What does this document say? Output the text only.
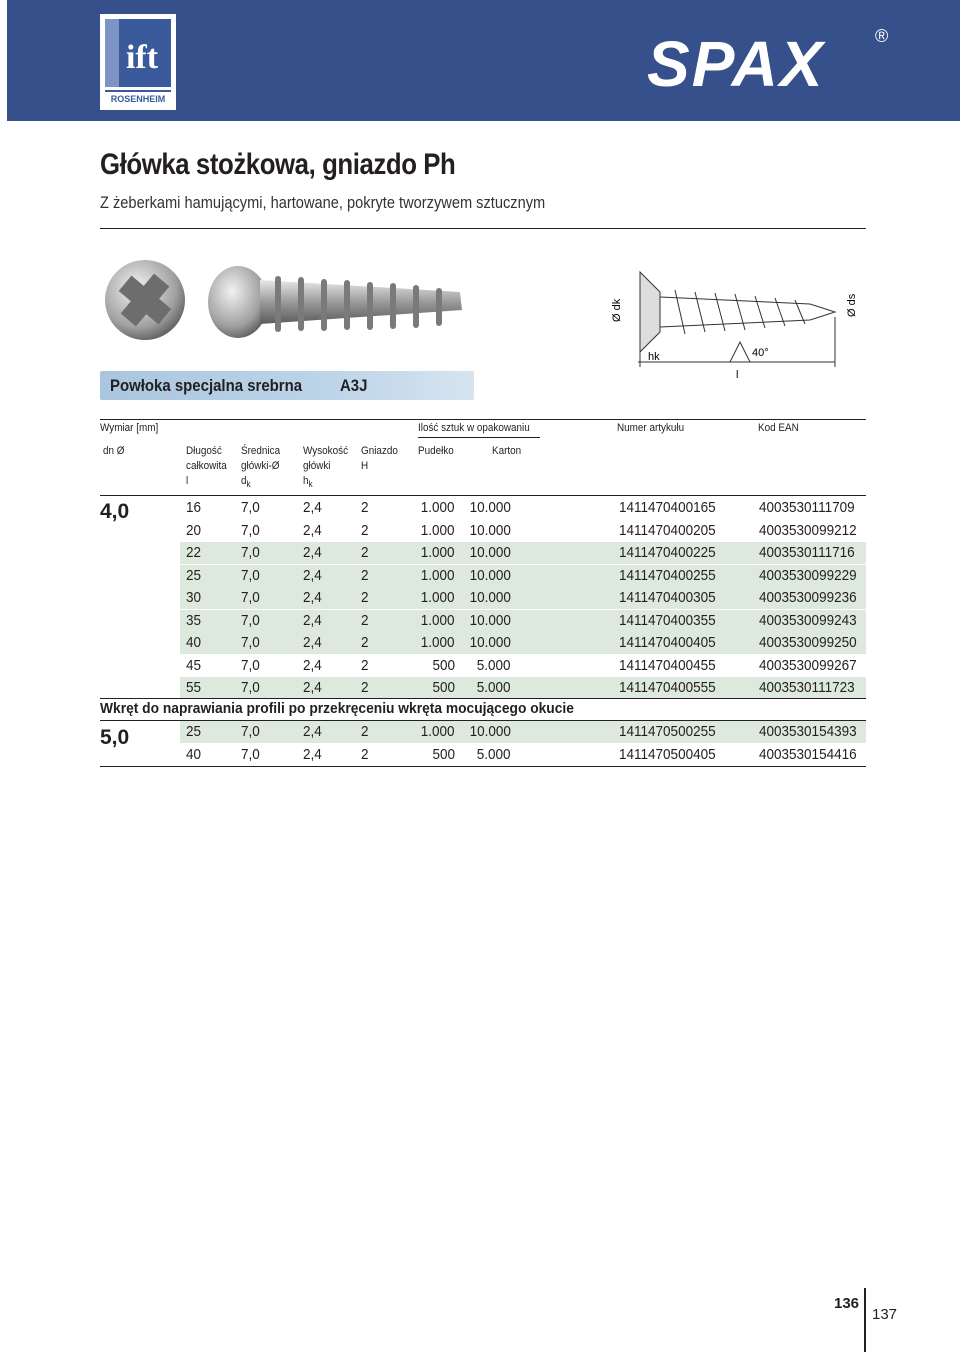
ift
ROSENHEIM	SPAX	®
Główka stożkowa, gniazdo Ph
Z żeberkami hamującymi, hartowane, pokryte tworzywem sztucznym
Ø dk	Ø ds
hk	40°
l
Powłoka specjalna srebrna A3J
Wymiar [mm]	Ilość sztuk w opakowaniu	Numer artykułu	Kod EAN
dn Ø	Długość
całkowita
l
Średnica
główki-Ø
$d_k$
Wysokość
główki
$h_k$
Gniazdo
H
Pudełko	Karton
4,0	16	7,0	2,4	2	1.000 10.000	1411470400165	4003530111709
20	7,0	2,4	2	1.000 10.000	1411470400205	4003530099212
22	7,0	2,4	2	1.000 10.000	1411470400225	4003530111716
25	7,0	2,4	2	1.000 10.000	1411470400255	4003530099229
30	7,0	2,4	2	1.000 10.000	1411470400305	4003530099236
35	7,0	2,4	2	1.000 10.000	1411470400355	4003530099243
40	7,0	2,4	2	1.000 10.000	1411470400405	4003530099250
45	7,0	2,4	2	500 5.000	1411470400455	4003530099267
55	7,0	2,4	2	500 5.000	1411470400555	4003530111723
Wkręt do naprawiania profili po przekręceniu wkręta mocującego okucie
5,0	25	7,0	2,4	2	1.000 10.000	1411470500255	4003530154393
40	7,0	2,4	2	500 5.000	1411470500405	4003530154416
136
137
